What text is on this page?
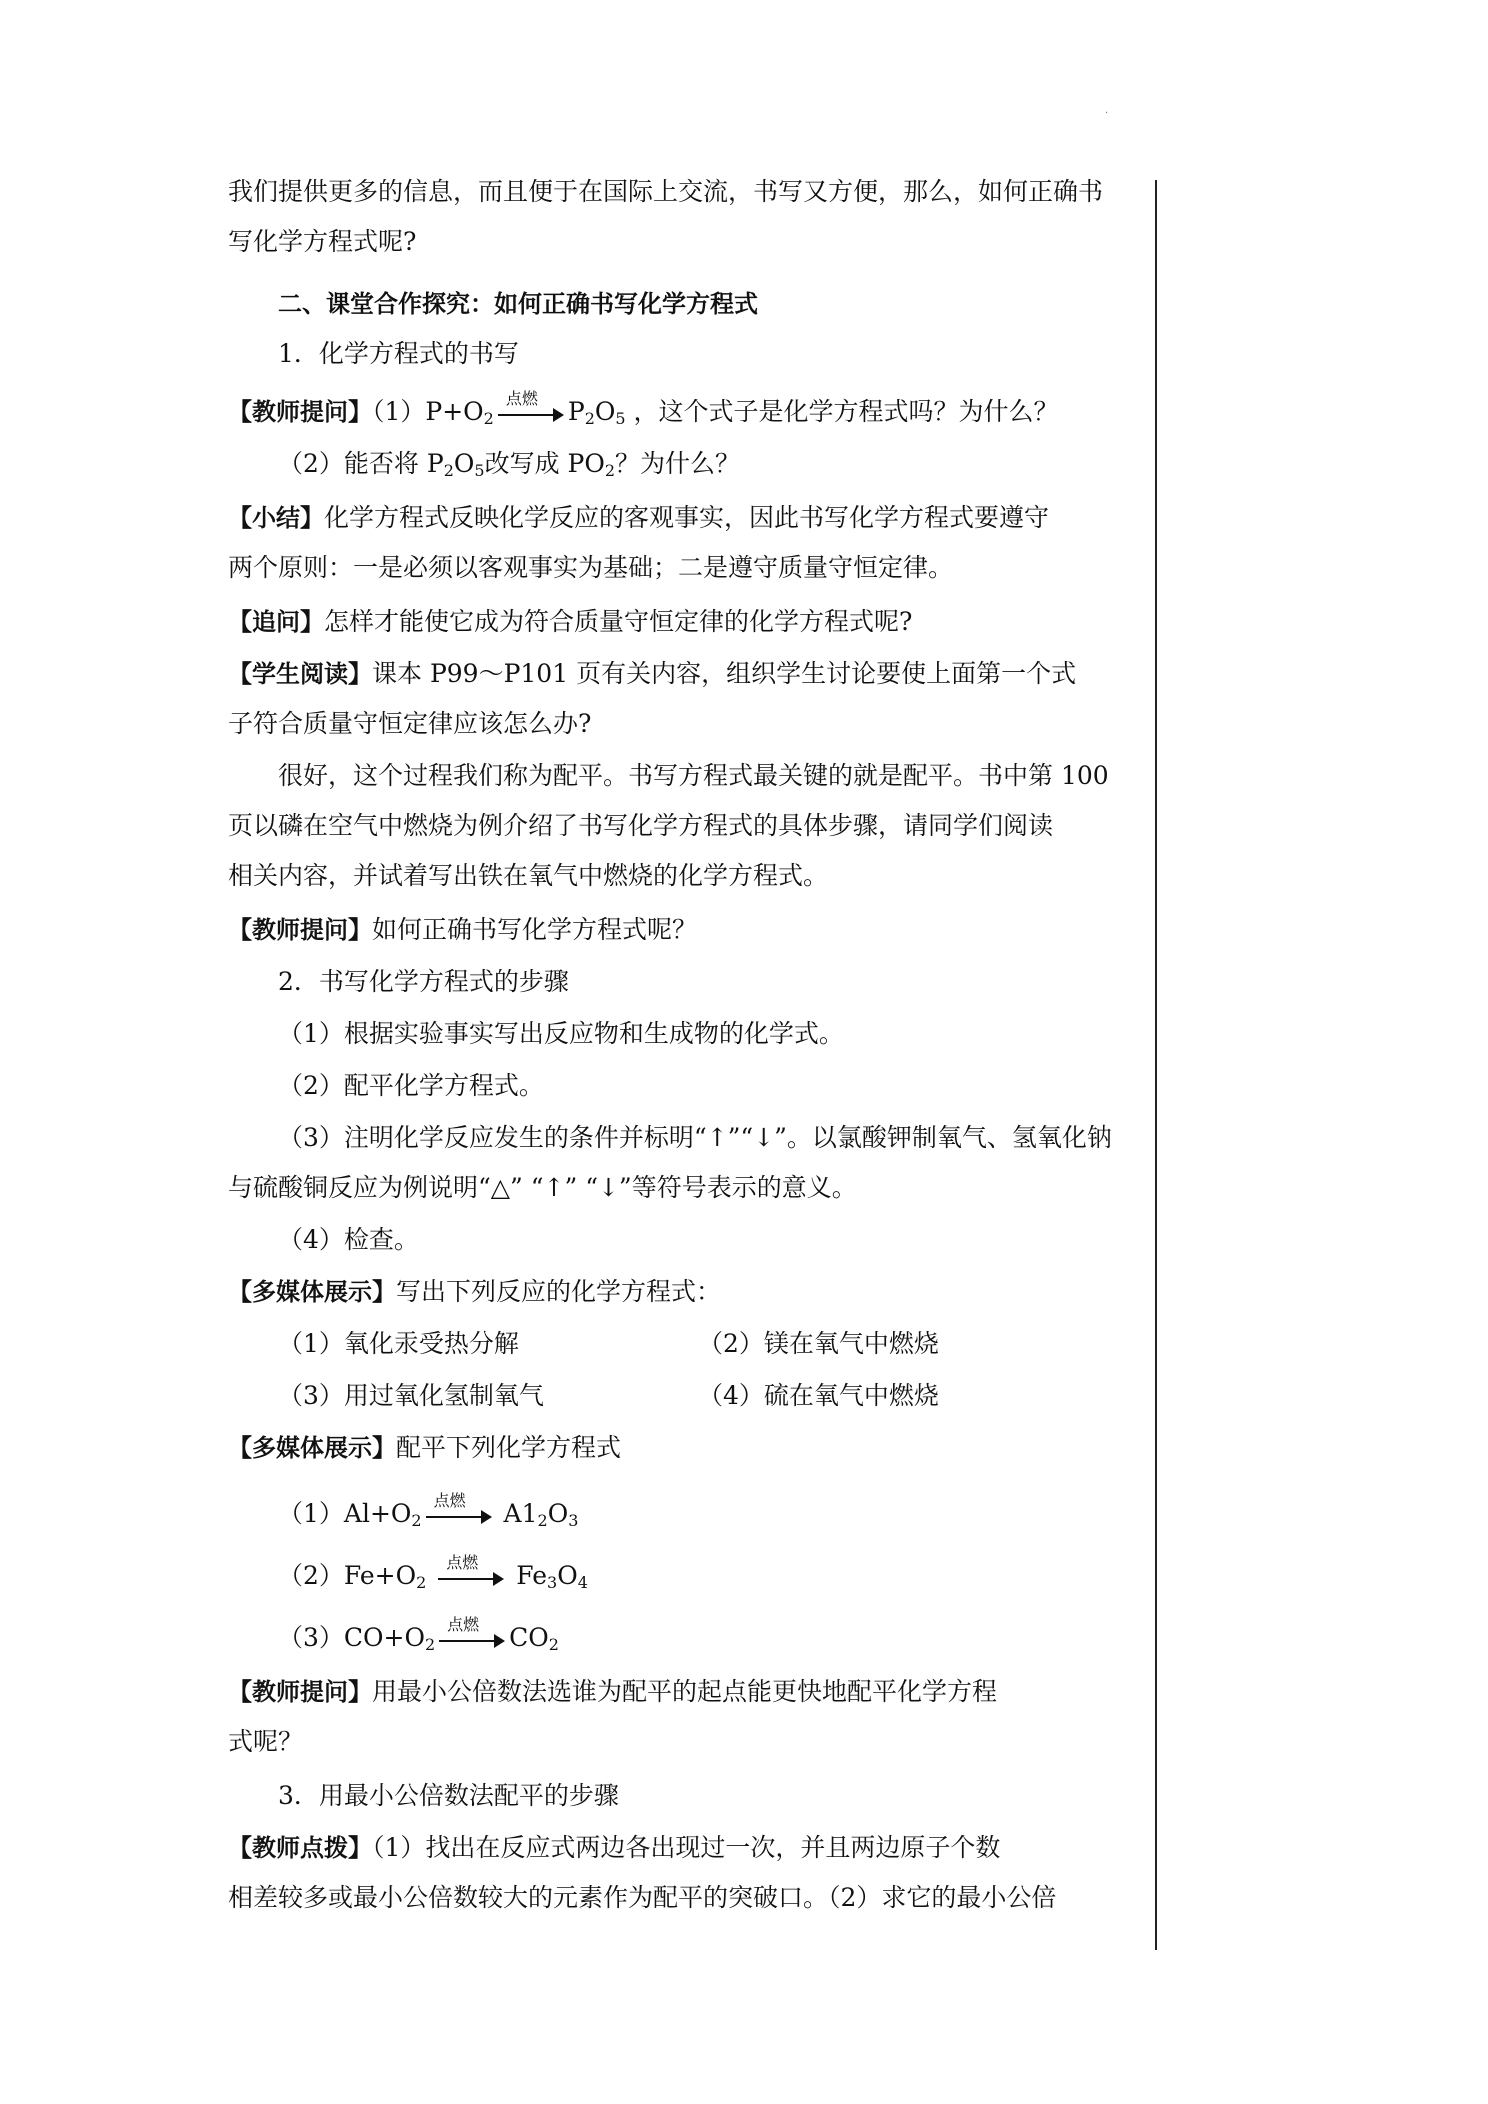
·
我们提供更多的信息，而且便于在国际上交流，书写又方便，那么，如何正确书
写化学方程式呢?
二、课堂合作探究：如何正确书写化学方程式
1．化学方程式的书写
【教师提问】$(1)P+O_2$
点燃 $P_2O_5$ ，这个式子是化学方程式吗？为什么？
（2）能否将 $P_2O_5$改写成 $PO_2$？为什么？
【小结】化学方程式反映化学反应的客观事实，因此书写化学方程式要遵守
两个原则：一是必须以客观事实为基础；二是遵守质量守恒定律。
【追问】怎样才能使它成为符合质量守恒定律的化学方程式呢?
【学生阅读】课本 P99～P101 页有关内容，组织学生讨论要使上面第一个式
子符合质量守恒定律应该怎么办?
很好，这个过程我们称为配平。书写方程式最关键的就是配平。书中第 100
页以磷在空气中燃烧为例介绍了书写化学方程式的具体步骤，请同学们阅读
相关内容，并试着写出铁在氧气中燃烧的化学方程式。
【教师提问】如何正确书写化学方程式呢？
2．书写化学方程式的步骤
（1）根据实验事实写出反应物和生成物的化学式。
（2）配平化学方程式。
（3）注明化学反应发生的条件并标明“↑”“↓”。以氯酸钾制氧气、氢氧化钠
与硫酸铜反应为例说明“△” “↑” “↓”等符号表示的意义。
（4）检查。
【多媒体展示】写出下列反应的化学方程式：
（1）氧化汞受热分解	（2）镁在氧气中燃烧
（3）用过氧化氢制氧气	（4）硫在氧气中燃烧
【多媒体展示】配平下列化学方程式
$(1)Al+O_2$
点燃 $A1_2O_3$
$(2)Fe+O_2$
点燃 $Fe_3O_4$
$(3)CO+O_2$
点燃 $CO_2$
【教师提问】用最小公倍数法选谁为配平的起点能更快地配平化学方程
式呢？
3．用最小公倍数法配平的步骤
【教师点拨】（1）找出在反应式两边各出现过一次，并且两边原子个数
相差较多或最小公倍数较大的元素作为配平的突破口。（2）求它的最小公倍
